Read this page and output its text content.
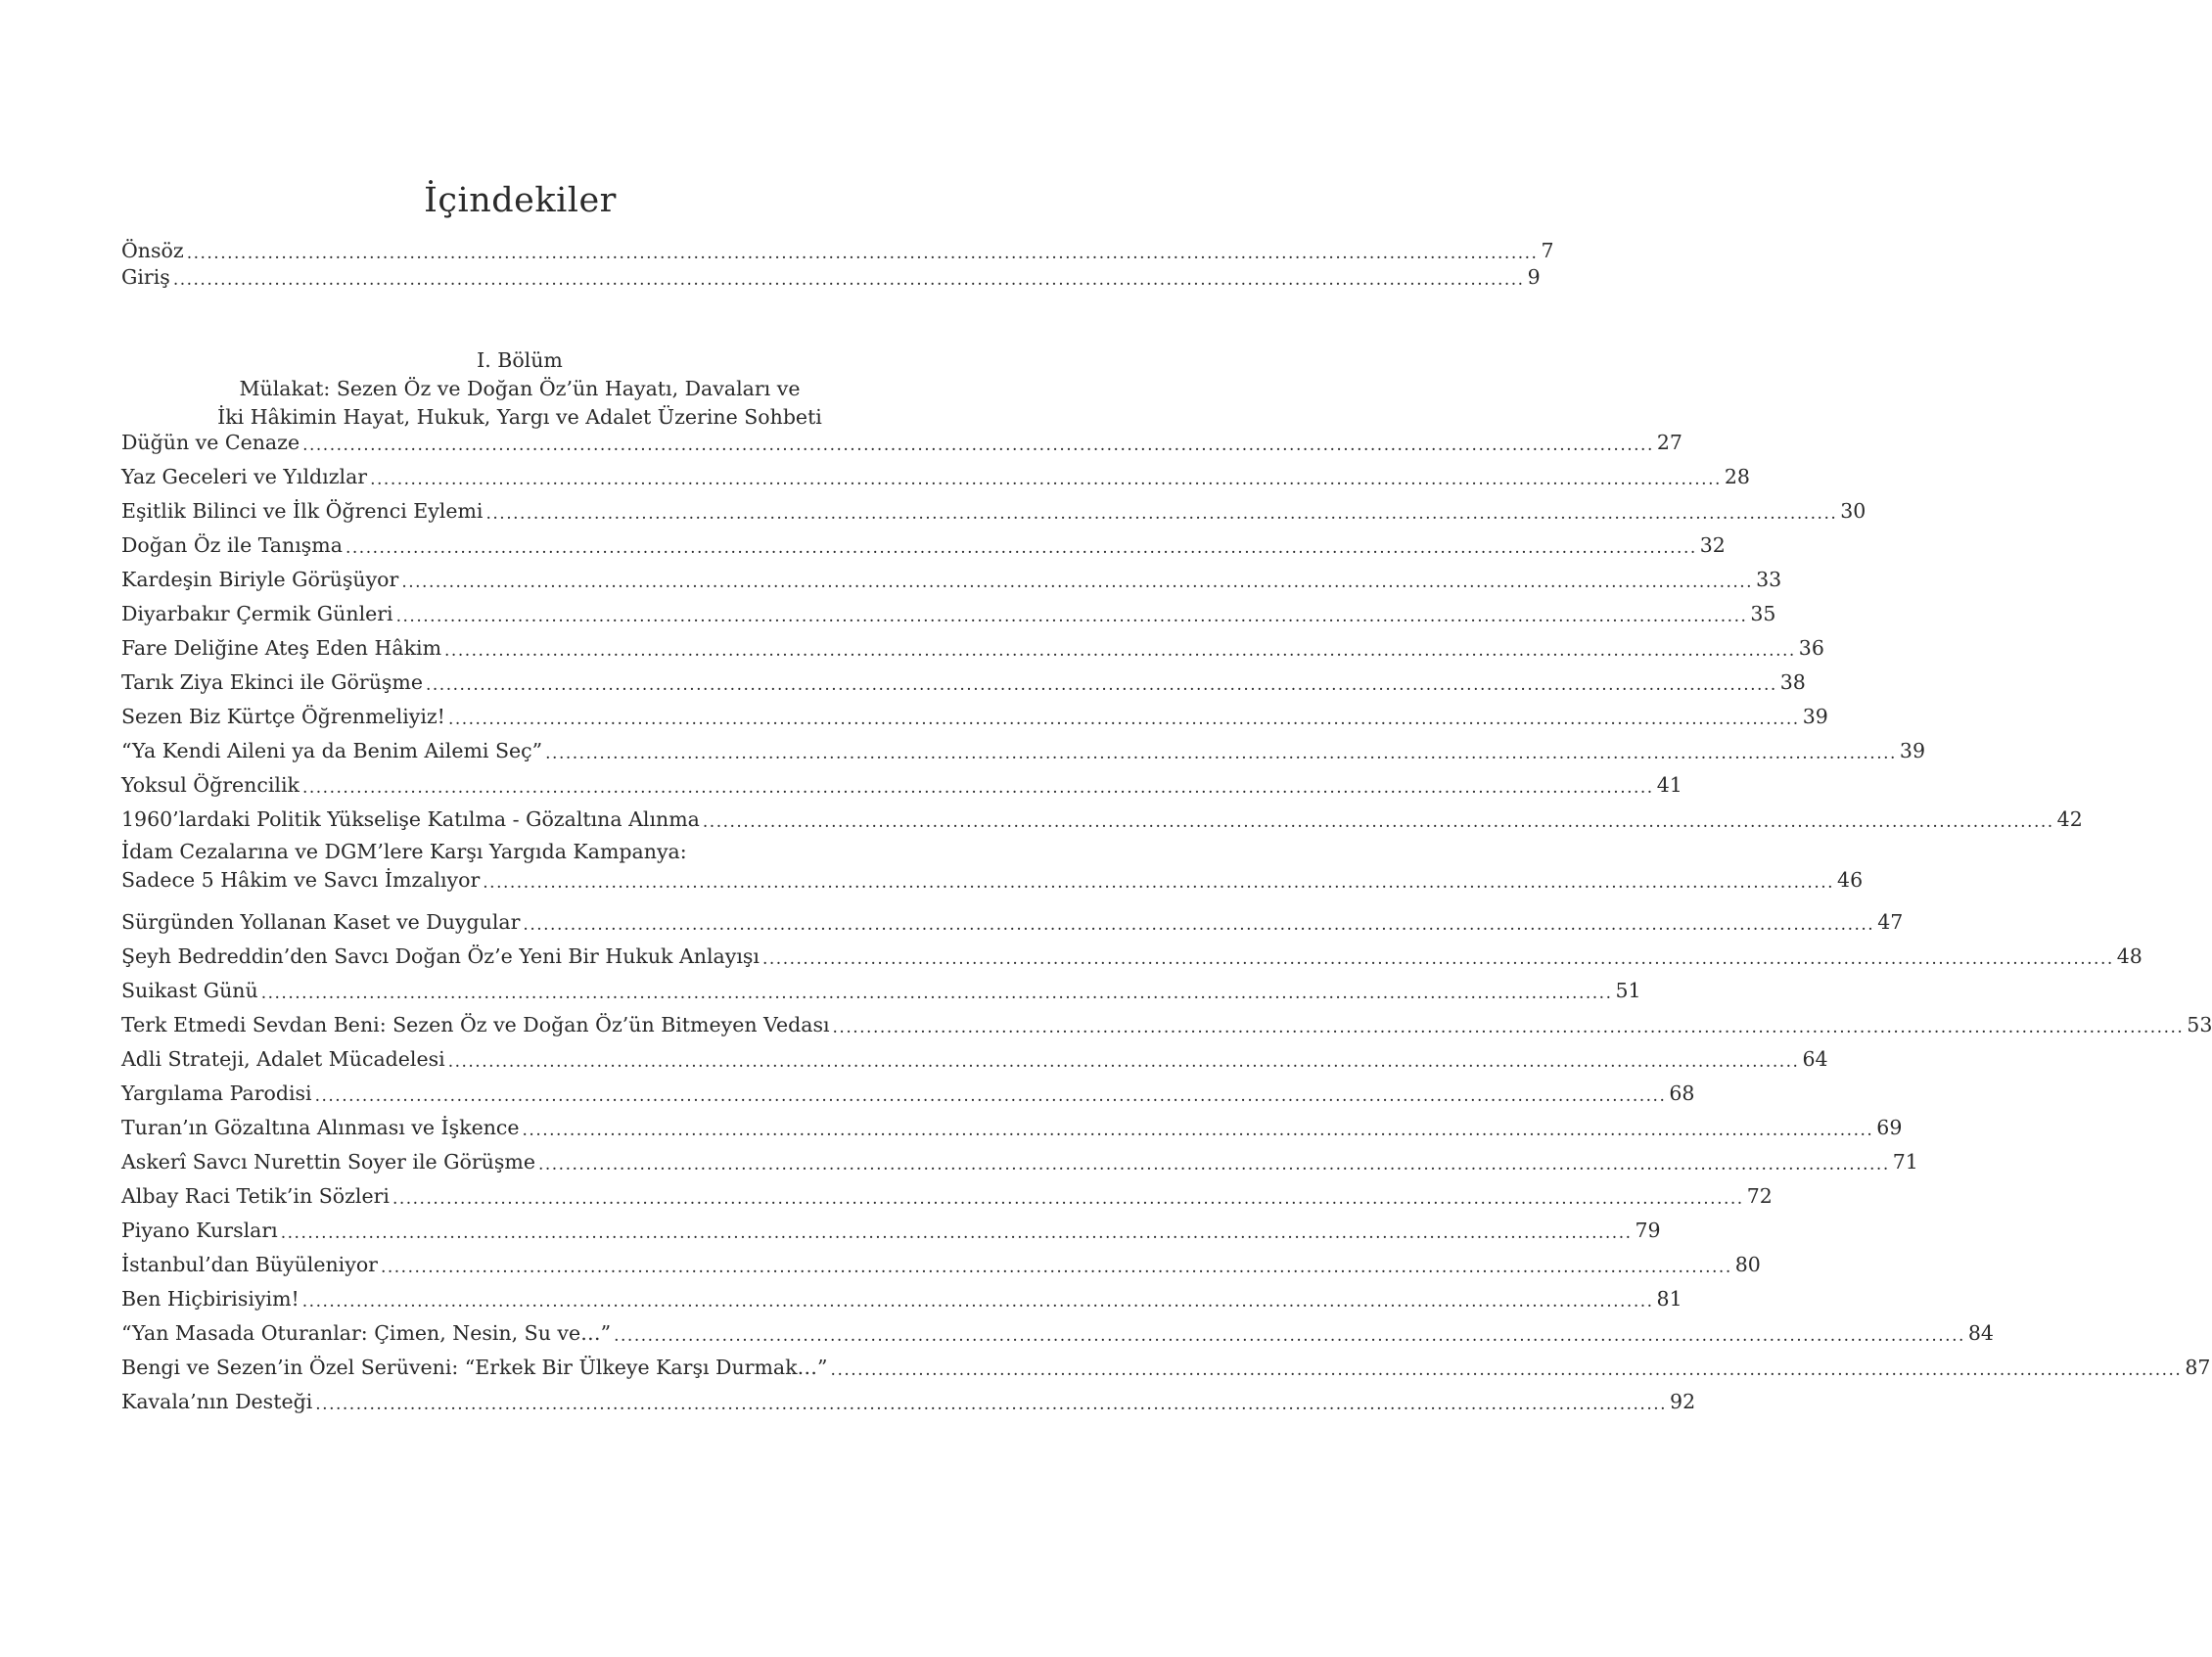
İçindekiler
Önsöz ........................................................................................................................................................................................................ 7
Giriş ........................................................................................................................................................................................................ 9
I. Bölüm
Mülakat: Sezen Öz ve Doğan Öz’ün Hayatı, Davaları ve
İki Hâkimin Hayat, Hukuk, Yargı ve Adalet Üzerine Sohbeti
Düğün ve Cenaze ........................................................................................................................................................................................................ 27
Yaz Geceleri ve Yıldızlar ........................................................................................................................................................................................................ 28
Eşitlik Bilinci ve İlk Öğrenci Eylemi ........................................................................................................................................................................................................ 30
Doğan Öz ile Tanışma ........................................................................................................................................................................................................ 32
Kardeşin Biriyle Görüşüyor ........................................................................................................................................................................................................ 33
Diyarbakır Çermik Günleri ........................................................................................................................................................................................................ 35
Fare Deliğine Ateş Eden Hâkim ........................................................................................................................................................................................................ 36
Tarık Ziya Ekinci ile Görüşme ........................................................................................................................................................................................................ 38
Sezen Biz Kürtçe Öğrenmeliyiz! ........................................................................................................................................................................................................ 39
“Ya Kendi Aileni ya da Benim Ailemi Seç” ........................................................................................................................................................................................................ 39
Yoksul Öğrencilik ........................................................................................................................................................................................................ 41
1960’lardaki Politik Yükselişe Katılma - Gözaltına Alınma ........................................................................................................................................................................................................ 42
İdam Cezalarına ve DGM’lere Karşı Yargıda Kampanya:
Sadece 5 Hâkim ve Savcı İmzalıyor ........................................................................................................................................................................................................ 46
Sürgünden Yollanan Kaset ve Duygular ........................................................................................................................................................................................................ 47
Şeyh Bedreddin’den Savcı Doğan Öz’e Yeni Bir Hukuk Anlayışı ........................................................................................................................................................................................................ 48
Suikast Günü ........................................................................................................................................................................................................ 51
Terk Etmedi Sevdan Beni: Sezen Öz ve Doğan Öz’ün Bitmeyen Vedası ........................................................................................................................................................................................................ 53
Adli Strateji, Adalet Mücadelesi ........................................................................................................................................................................................................ 64
Yargılama Parodisi ........................................................................................................................................................................................................ 68
Turan’ın Gözaltına Alınması ve İşkence ........................................................................................................................................................................................................ 69
Askerî Savcı Nurettin Soyer ile Görüşme ........................................................................................................................................................................................................ 71
Albay Raci Tetik’in Sözleri ........................................................................................................................................................................................................ 72
Piyano Kursları ........................................................................................................................................................................................................ 79
İstanbul’dan Büyüleniyor ........................................................................................................................................................................................................ 80
Ben Hiçbirisiyim! ........................................................................................................................................................................................................ 81
“Yan Masada Oturanlar: Çimen, Nesin, Su ve…” ........................................................................................................................................................................................................ 84
Bengi ve Sezen’in Özel Serüveni: “Erkek Bir Ülkeye Karşı Durmak…” ........................................................................................................................................................................................................ 87
Kavala’nın Desteği ........................................................................................................................................................................................................ 92
